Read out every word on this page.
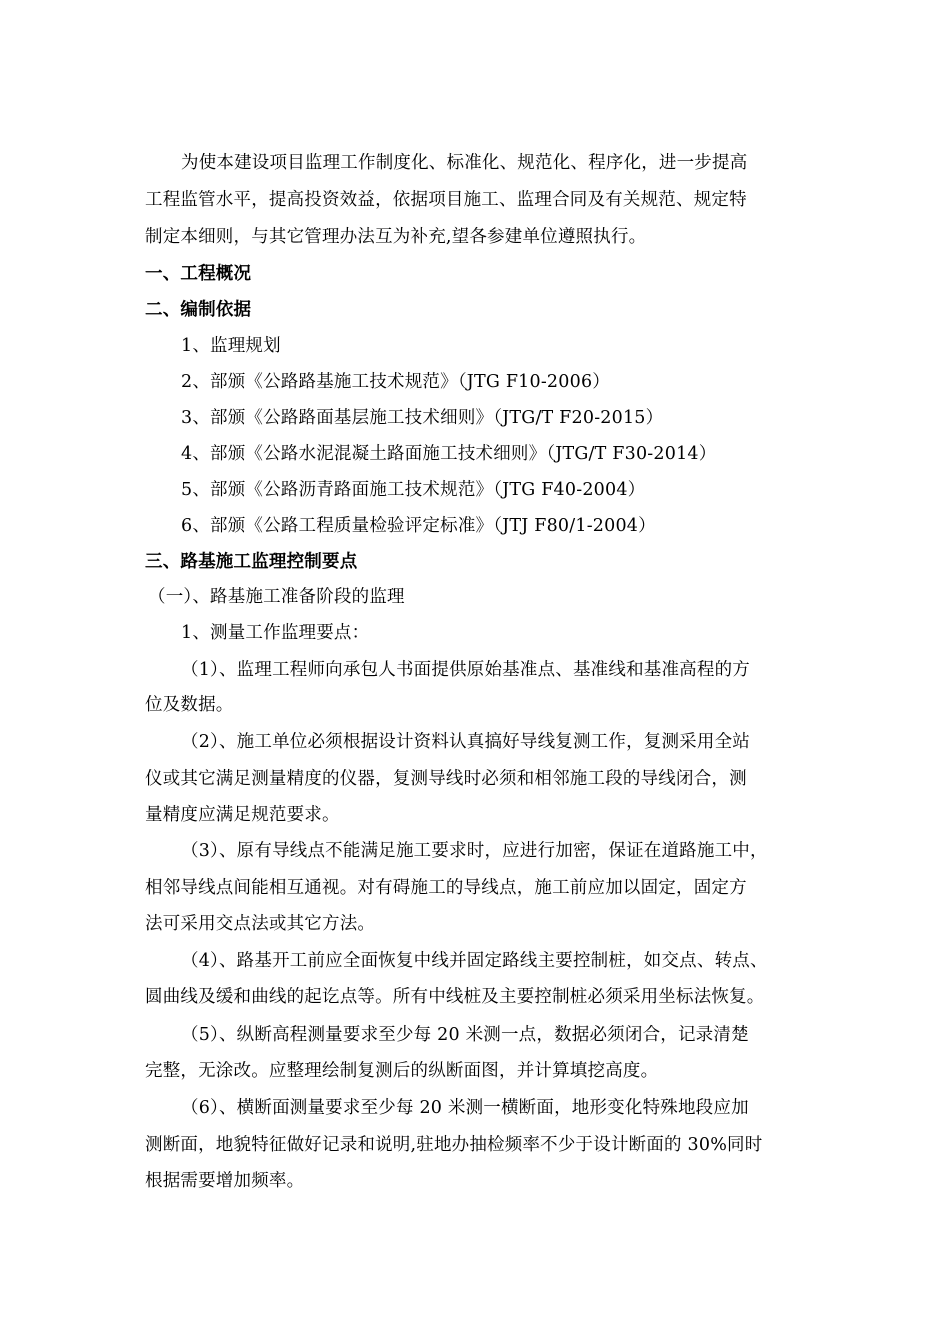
为使本建设项目监理工作制度化、标准化、规范化、程序化，进一步提高
工程监管水平，提高投资效益，依据项目施工、监理合同及有关规范、规定特
制定本细则，与其它管理办法互为补充,望各参建单位遵照执行。
一、工程概况
二、编制依据
1、监理规划
2、部颁《公路路基施工技术规范》（JTG F10-2006）
3、部颁《公路路面基层施工技术细则》（JTG/T F20-2015）
4、部颁《公路水泥混凝土路面施工技术细则》（JTG/T F30-2014）
5、部颁《公路沥青路面施工技术规范》（JTG F40-2004）
6、部颁《公路工程质量检验评定标准》（JTJ F80/1-2004）
三、路基施工监理控制要点
（一）、路基施工准备阶段的监理
1、测量工作监理要点：
（1）、监理工程师向承包人书面提供原始基准点、基准线和基准高程的方
位及数据。
（2）、施工单位必须根据设计资料认真搞好导线复测工作，复测采用全站
仪或其它满足测量精度的仪器，复测导线时必须和相邻施工段的导线闭合，测
量精度应满足规范要求。
（3）、原有导线点不能满足施工要求时，应进行加密，保证在道路施工中，
相邻导线点间能相互通视。对有碍施工的导线点，施工前应加以固定，固定方
法可采用交点法或其它方法。
（4）、路基开工前应全面恢复中线并固定路线主要控制桩，如交点、转点、
圆曲线及缓和曲线的起讫点等。所有中线桩及主要控制桩必须采用坐标法恢复。
（5）、纵断高程测量要求至少每 20 米测一点，数据必须闭合，记录清楚
完整，无涂改。应整理绘制复测后的纵断面图，并计算填挖高度。
（6）、横断面测量要求至少每 20 米测一横断面，地形变化特殊地段应加
测断面，地貌特征做好记录和说明,驻地办抽检频率不少于设计断面的 30%同时
根据需要增加频率。
